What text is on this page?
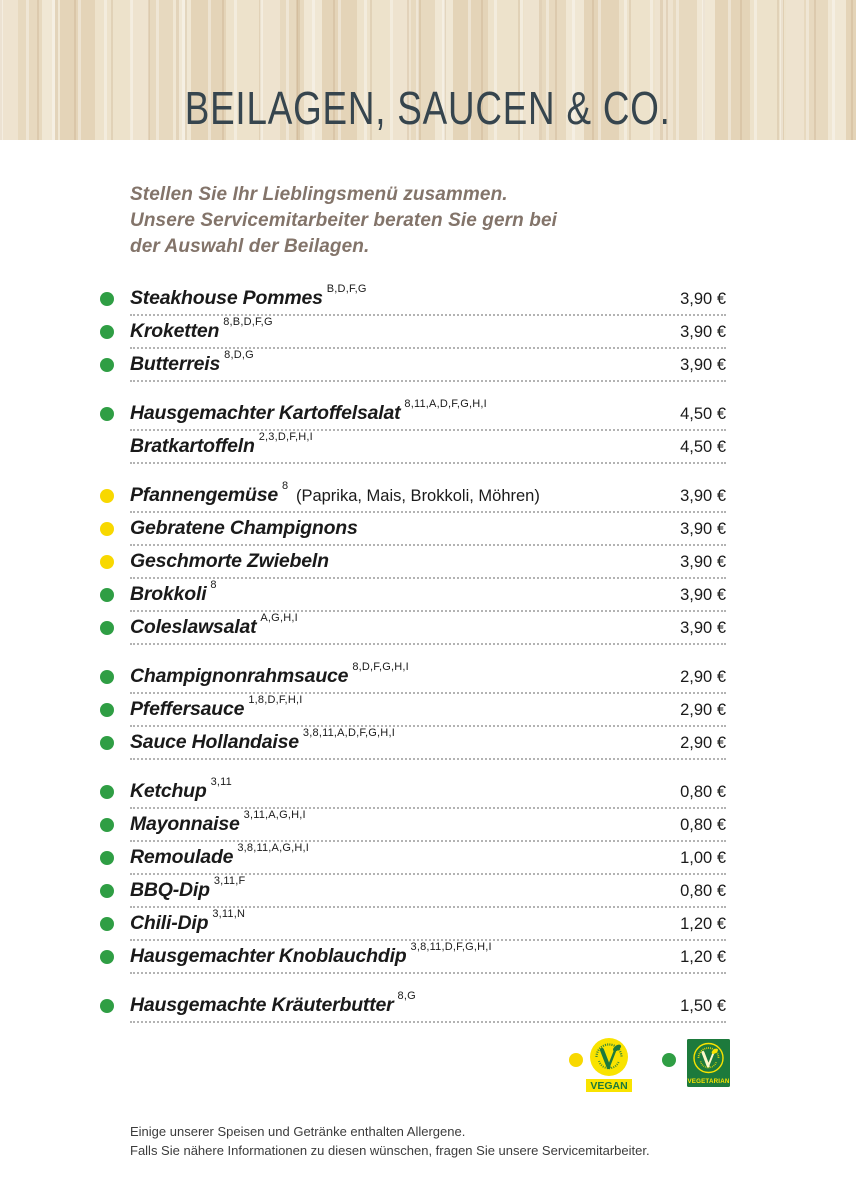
BEILAGEN, SAUCEN & CO.

Stellen Sie Ihr Lieblingsmenü zusammen.

Unsere Servicemitarbeiter beraten Sie gern bei

der Auswahl der Beilagen.

Steakhouse Pommes $^{B,D,F,G}$
3,90 €
Kroketten $^{8,B,D,F,G}$
3,90 €
Butterreis $^{8,D,G}$
3,90 €
Hausgemachter Kartoffelsalat $^{8,11,A,D,F,G,H,I}$
4,50 €
Bratkartoffeln $^{2,3,D,F,H,I}$
4,50 €
Pfannengemüse $^8$ (Paprika, Mais, Brokkoli, Möhren)	3,90 €
Gebratene Champignons	3,90 €
Geschmorte Zwiebeln	3,90 €
Brokkoli $^8$
3,90 €
Coleslawsalat $^{A,G,H,I}$
3,90 €
Champignonrahmsauce $^{8,D,F,G,H,I}$
2,90 €
Pfeffersauce $^{1,8,D,F,H,I}$
2,90 €
Sauce Hollandaise $^{3,8,11,A,D,F,G,H,I}$
2,90 €
Ketchup $^{3,11}$
0,80 €
Mayonnaise $^{3,11,A,G,H,I}$
0,80 €
Remoulade $^{3,8,11,A,G,H,I}$
1,00 €
BBQ-Dip $^{3,11,F}$
0,80 €
Chili-Dip $^{3,11,N}$
1,20 €
Hausgemachter Knoblauchdip $^{3,8,11,D,F,G,H,I}$
1,20 €
Hausgemachte Kräuterbutter $^{8,G}$
1,50 €
VEGAN	VEGETARIAN

Einige unserer Speisen und Getränke enthalten Allergene.

Falls Sie nähere Informationen zu diesen wünschen, fragen Sie unsere Servicemitarbeiter.
